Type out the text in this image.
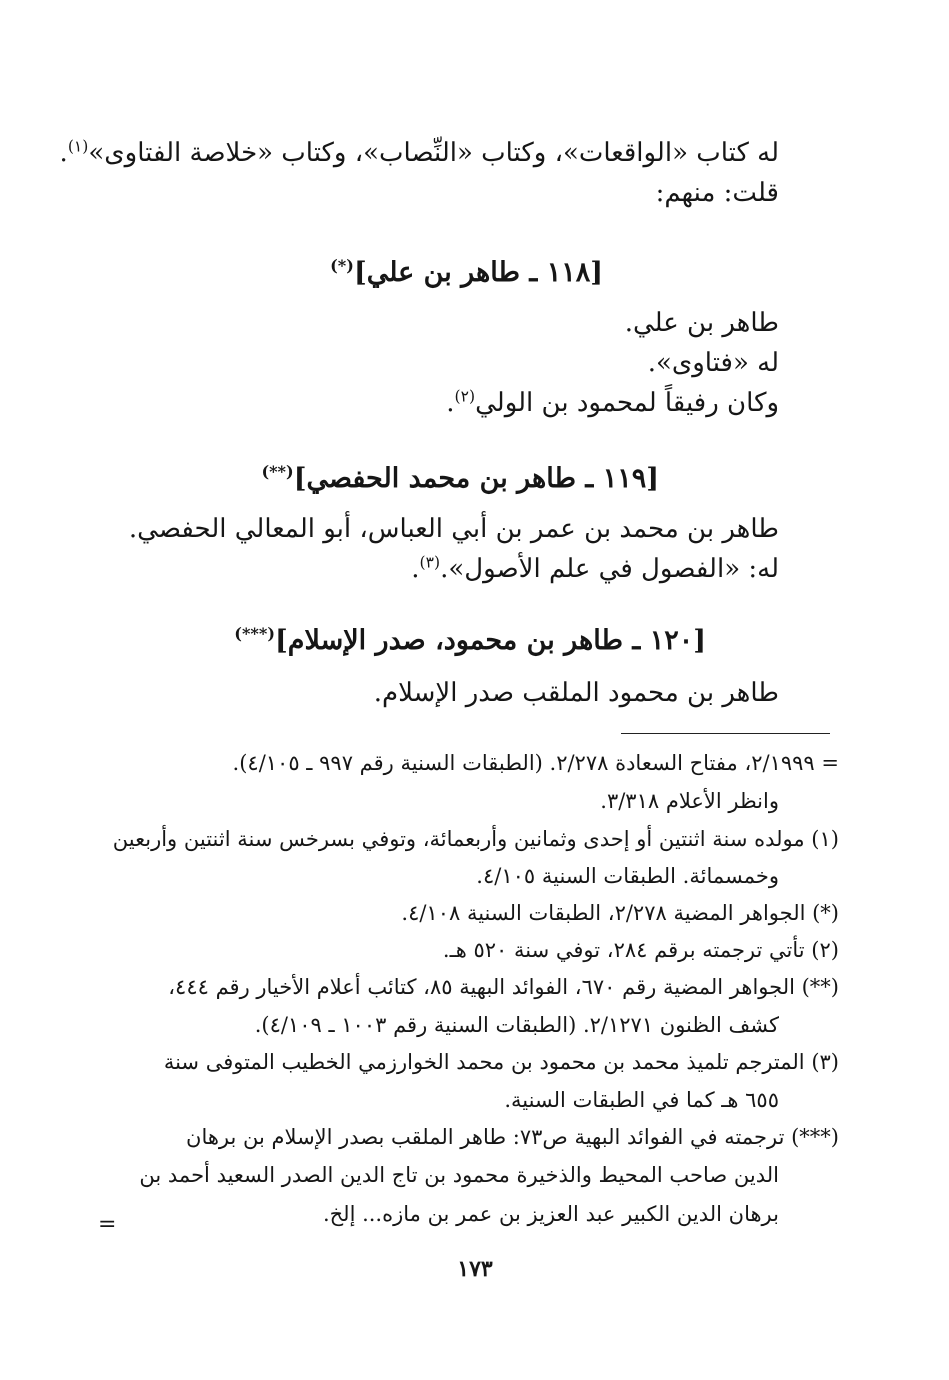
له كتاب «الواقعات»، وكتاب «النِّصاب»، وكتاب «خلاصة الفتاوى»$^{(١)}$.
قلت: منهم:
[١١٨ ـ طاهر بن علي](*)
طاهر بن علي.
له «فتاوى».
وكان رفيقاً لمحمود بن الولي$^{(٢)}$.
[١١٩ ـ طاهر بن محمد الحفصي](**)
طاهر بن محمد بن عمر بن أبي العباس، أبو المعالي الحفصي.
له: «الفصول في علم الأصول».$^{(٣)}$.
[١٢٠ ـ طاهر بن محمود، صدر الإسلام](***)
طاهر بن محمود الملقب صدر الإسلام.
= ٢/١٩٩٩، مفتاح السعادة ٢/٢٧٨. (الطبقات السنية رقم ٩٩٧ ـ ٤/١٠٥).
وانظر الأعلام ٣/٣١٨.
(١) مولده سنة اثنتين أو إحدى وثمانين وأربعمائة، وتوفي بسرخس سنة اثنتين وأربعين
وخمسمائة. الطبقات السنية ٤/١٠٥.
(*) الجواهر المضية ٢/٢٧٨، الطبقات السنية ٤/١٠٨.
(٢) تأتي ترجمته برقم ٢٨٤، توفي سنة ٥٢٠ هـ.
(**) الجواهر المضية رقم ٦٧٠، الفوائد البهية ٨٥، كتائب أعلام الأخيار رقم ٤٤٤،
كشف الظنون ٢/١٢٧١. (الطبقات السنية رقم ١٠٠٣ ـ ٤/١٠٩).
(٣) المترجم تلميذ محمد بن محمود بن محمد الخوارزمي الخطيب المتوفى سنة
٦٥٥ هـ كما في الطبقات السنية.
(***) ترجمته في الفوائد البهية ص٧٣: طاهر الملقب بصدر الإسلام بن برهان
الدين صاحب المحيط والذخيرة محمود بن تاج الدين الصدر السعيد أحمد بن
برهان الدين الكبير عبد العزيز بن عمر بن مازه... إلخ.
=
١٧٣
